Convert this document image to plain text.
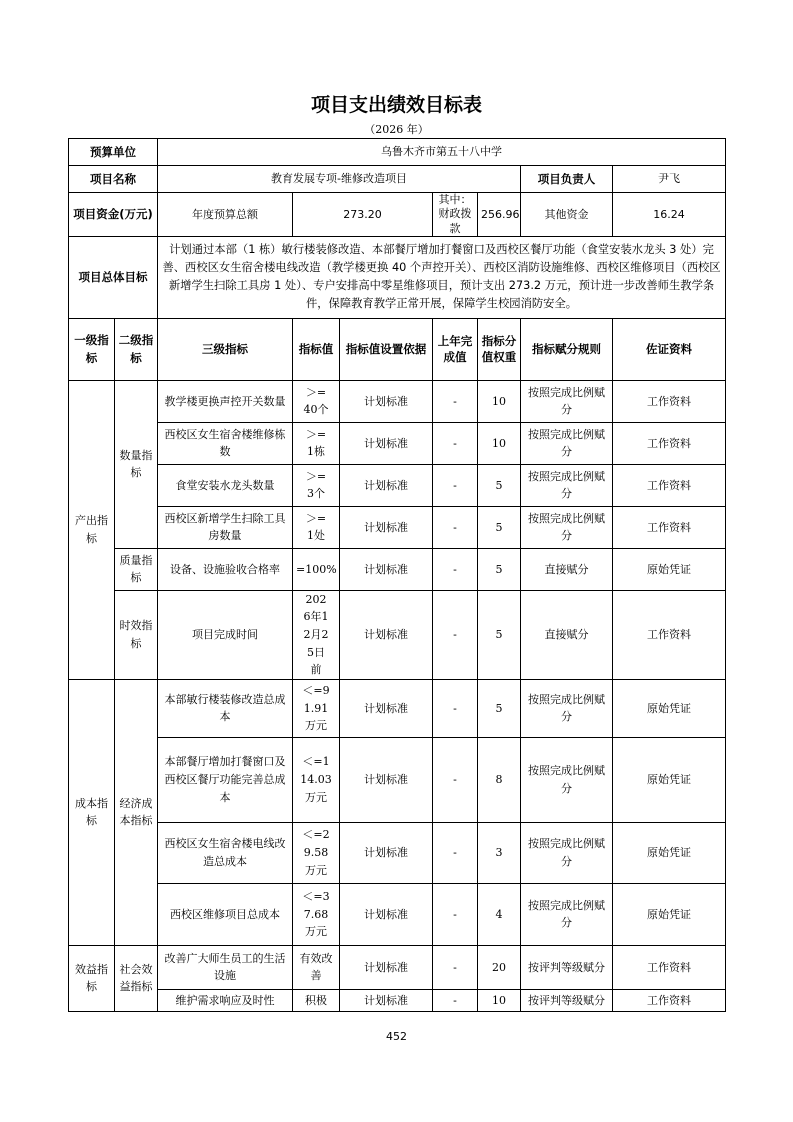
项目支出绩效目标表
（2026 年）
预算单位		乌鲁木齐市第五十八中学						
项目名称		教育发展专项-维修改造项目					项目负责人	尹飞
项目资金(万元)		年度预算总额	273.20		其中：财政拨款	256.96	其他资金	16.24
项目总体目标		计划通过本部（1 栋）敏行楼装修改造、本部餐厅增加打餐窗口及西校区餐厅功能（食堂安装水龙头 3 处）完善、西校区女生宿舍楼电线改造（教学楼更换 40 个声控开关）、西校区消防设施维修、西校区维修项目（西校区新增学生扫除工具房 1 处）、专户安排高中零星维修项目，预计支出 273.2 万元，预计进一步改善师生教学条件，保障教育教学正常开展，保障学生校园消防安全。						
一级指标	二级指标	三级指标	指标值	指标值设置依据	上年完成值	指标分值权重	指标赋分规则	佐证资料
产出指标	数量指标	教学楼更换声控开关数量	＞=40个	计划标准	-	10	按照完成比例赋分	工作资料
		西校区女生宿舍楼维修栋数	＞=1栋	计划标准	-	10	按照完成比例赋分	工作资料
		食堂安装水龙头数量	＞=3个	计划标准	-	5	按照完成比例赋分	工作资料
		西校区新增学生扫除工具房数量	＞=1处	计划标准	-	5	按照完成比例赋分	工作资料
	质量指标	设备、设施验收合格率	=100%	计划标准	-	5	直接赋分	原始凭证
	时效指标	项目完成时间	2026年12月25日前	计划标准	-	5	直接赋分	工作资料
成本指标	经济成本指标	本部敏行楼装修改造总成本	＜=91.91万元	计划标准	-	5	按照完成比例赋分	原始凭证
		本部餐厅增加打餐窗口及西校区餐厅功能完善总成本	＜=114.03万元	计划标准	-	8	按照完成比例赋分	原始凭证
		西校区女生宿舍楼电线改造总成本	＜=29.58万元	计划标准	-	3	按照完成比例赋分	原始凭证
		西校区维修项目总成本	＜=37.68万元	计划标准	-	4	按照完成比例赋分	原始凭证
效益指标	社会效益指标	改善广大师生员工的生活设施	有效改善	计划标准	-	20	按评判等级赋分	工作资料
		维护需求响应及时性	积极	计划标准	-	10	按评判等级赋分	工作资料
452
